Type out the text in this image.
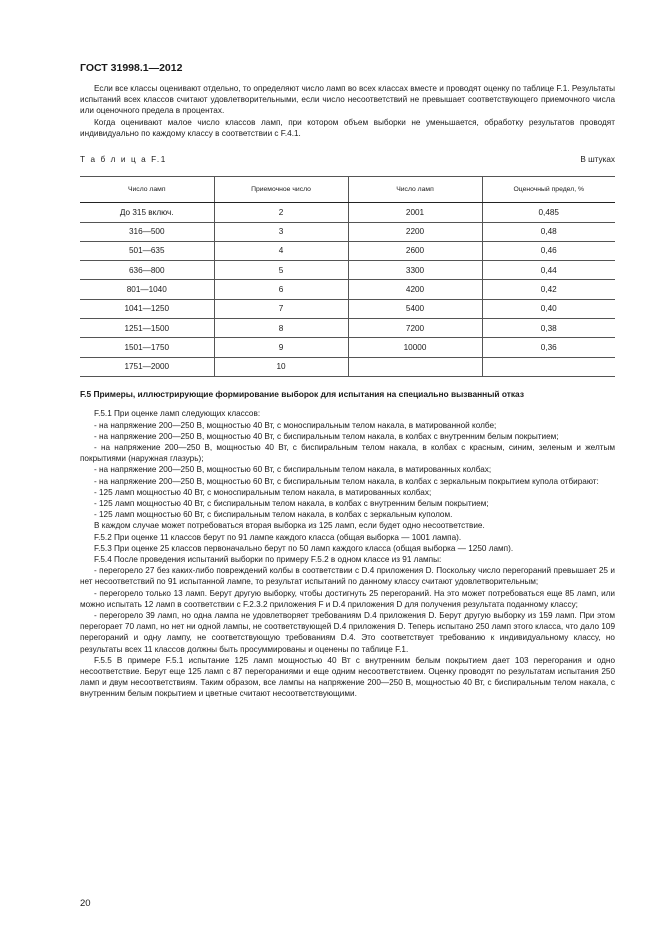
ГОСТ 31998.1—2012

Если все классы оценивают отдельно, то определяют число ламп во всех классах вместе и проводят оценку по таблице F.1. Результаты испытаний всех классов считают удовлетворительными, если число несоответствий не превышает соответствующего приемочного числа или оценочного предела в процентах.

Когда оценивают малое число классов ламп, при котором объем выборки не уменьшается, обработку результатов проводят индивидуально по каждому классу в соответствии с F.4.1.

Т а б л и ц а F.1	В штуках
Число ламп	Приемочное число	Число ламп	Оценочный предел, %
До 315 включ.	2	2001	0,485
316—500	3	2200	0,48
501—635	4	2600	0,46
636—800	5	3300	0,44
801—1040	6	4200	0,42
1041—1250	7	5400	0,40
1251—1500	8	7200	0,38
1501—1750	9	10000	0,36
1751—2000	10		

F.5 Примеры, иллюстрирующие формирование выборок для испытания на специально вызванный отказ

F.5.1 При оценке ламп следующих классов:

- на напряжение 200—250 В, мощностью 40 Вт, с моноспиральным телом накала, в матированной колбе;

- на напряжение 200—250 В, мощностью 40 Вт, с биспиральным телом накала, в колбах с внутренним белым покрытием;

- на напряжение 200—250 В, мощностью 40 Вт, с биспиральным телом накала, в колбах с красным, синим, зеленым и желтым покрытиями (наружная глазурь);

- на напряжение 200—250 В, мощностью 60 Вт, с биспиральным телом накала, в матированных колбах;

- на напряжение 200—250 В, мощностью 60 Вт, с биспиральным телом накала, в колбах с зеркальным покрытием купола отбирают:

- 125 ламп мощностью 40 Вт, с моноспиральным телом накала, в матированных колбах;

- 125 ламп мощностью 40 Вт, с биспиральным телом накала, в колбах с внутренним белым покрытием;

- 125 ламп мощностью 60 Вт, с биспиральным телом накала, в колбах с зеркальным куполом.

В каждом случае может потребоваться вторая выборка из 125 ламп, если будет одно несоответствие.

F.5.2 При оценке 11 классов берут по 91 лампе каждого класса (общая выборка — 1001 лампа).

F.5.3 При оценке 25 классов первоначально берут по 50 ламп каждого класса (общая выборка — 1250 ламп).

F.5.4 После проведения испытаний выборки по примеру F.5.2 в одном классе из 91 лампы:

- перегорело 27 без каких-либо повреждений колбы в соответствии с D.4 приложения D. Поскольку число перегораний превышает 25 и нет несоответствий по 91 испытанной лампе, то результат испытаний по данному классу считают удовлетворительным;

- перегорело только 13 ламп. Берут другую выборку, чтобы достигнуть 25 перегораний. На это может потребоваться еще 85 ламп, или можно испытать 12 ламп в соответствии с F.2.3.2 приложения F и D.4 приложения D для получения результата поданному классу;

- перегорело 39 ламп, но одна лампа не удовлетворяет требованиям D.4 приложения D. Берут другую выборку из 159 ламп. При этом перегорает 70 ламп, но нет ни одной лампы, не соответствующей D.4 приложения D. Теперь испытано 250 ламп этого класса, что дало 109 перегораний и одну лампу, не соответствующую требованиям D.4. Это соответствует требованию к индивидуальному классу, но результаты всех 11 классов должны быть просуммированы и оценены по таблице F.1.

F.5.5 В примере F.5.1 испытание 125 ламп мощностью 40 Вт с внутренним белым покрытием дает 103 перегорания и одно несоответствие. Берут еще 125 ламп с 87 перегораниями и еще одним несоответствием. Оценку проводят по результатам испытания 250 ламп и двум несоответствиям. Таким образом, все лампы на напряжение 200—250 В, мощностью 40 Вт, с биспиральным телом накала, с внутренним белым покрытием и цветные считают несоответствующими.

20
